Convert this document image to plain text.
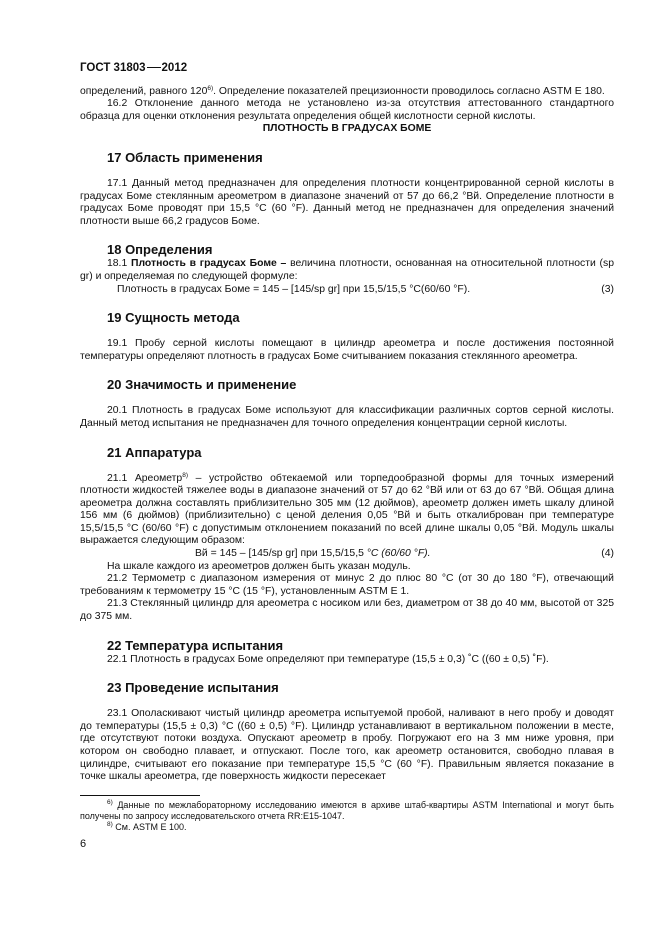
ГОСТ 31803 2012

определений, равного 120$^{6)}$. Определение показателей прецизионности проводилось согласно ASTM E 180.

16.2 Отклонение данного метода не установлено из-за отсутствия аттестованного стандартного образца для оценки отклонения результата определения общей кислотности серной кислоты.

ПЛОТНОСТЬ В ГРАДУСАХ БОМЕ

17 Область применения

17.1 Данный метод предназначен для определения плотности концентрированной серной кислоты в градусах Боме стеклянным ареометром в диапазоне значений от 57 до 66,2 °Вй. Определение плотности в градусах Боме проводят при 15,5 °С (60 °F). Данный метод не предназначен для определения значений плотности выше 66,2 градусов Боме.

18 Определения

18.1 Плотность в градусах Боме – величина плотности, основанная на относительной плотности (sp gr) и определяемая по следующей формуле:

Плотность в градусах Боме = 145 – [145/sp gr] при 15,5/15,5 °С(60/60 °F).	(3)
19 Сущность метода

19.1 Пробу серной кислоты помещают в цилиндр ареометра и после достижения постоянной температуры определяют плотность в градусах Боме считыванием показания стеклянного ареометра.

20 Значимость и применение

20.1 Плотность в градусах Боме используют для классификации различных сортов серной кислоты. Данный метод испытания не предназначен для точного определения концентрации серной кислоты.

21 Аппаратура

21.1 Ареометр$^{8)}$ – устройство обтекаемой или торпедообразной формы для точных измерений плотности жидкостей тяжелее воды в диапазоне значений от 57 до 62 °Вй или от 63 до 67 °Вй. Общая длина ареометра должна составлять приблизительно 305 мм (12 дюймов), ареометр должен иметь шкалу длиной 156 мм (6 дюймов) (приблизительно) с ценой деления 0,05 °Вй и быть откалиброван при температуре 15,5/15,5 °С (60/60 °F) с допустимым отклонением показаний по всей длине шкалы 0,05 °Вй. Модуль шкалы выражается следующим образом:

Вй = 145 – [145/sp gr] при 15,5/15,5 °С (60/60 °F).	(4)

На шкале каждого из ареометров должен быть указан модуль.

21.2 Термометр с диапазоном измерения от минус 2 до плюс 80 °С (от 30 до 180 °F), отвечающий требованиям к термометру 15 °С (15 °F), установленным ASTM E 1.

21.3 Стеклянный цилиндр для ареометра с носиком или без, диаметром от 38 до 40 мм, высотой от 325 до 375 мм.

22 Температура испытания

22.1 Плотность в градусах Боме определяют при температуре (15,5 ± 0,3) ˚С ((60 ± 0,5) ˚F).

23 Проведение испытания

23.1 Ополаскивают чистый цилиндр ареометра испытуемой пробой, наливают в него пробу и доводят до температуры (15,5 ± 0,3) °С ((60 ± 0,5) °F). Цилиндр устанавливают в вертикальном положении в месте, где отсутствуют потоки воздуха. Опускают ареометр в пробу. Погружают его на 3 мм ниже уровня, при котором он свободно плавает, и отпускают. После того, как ареометр остановится, свободно плавая в цилиндре, считывают его показание при температуре 15,5 °С (60 °F). Правильным является показание в точке шкалы ареометра, где поверхность жидкости пересекает

$^{6)}$ Данные по межлабораторному исследованию имеются в архиве штаб-квартиры ASTM International и могут быть получены по запросу исследовательского отчета RR:E15-1047.

$^{8)}$ См. ASTM E 100.

6
